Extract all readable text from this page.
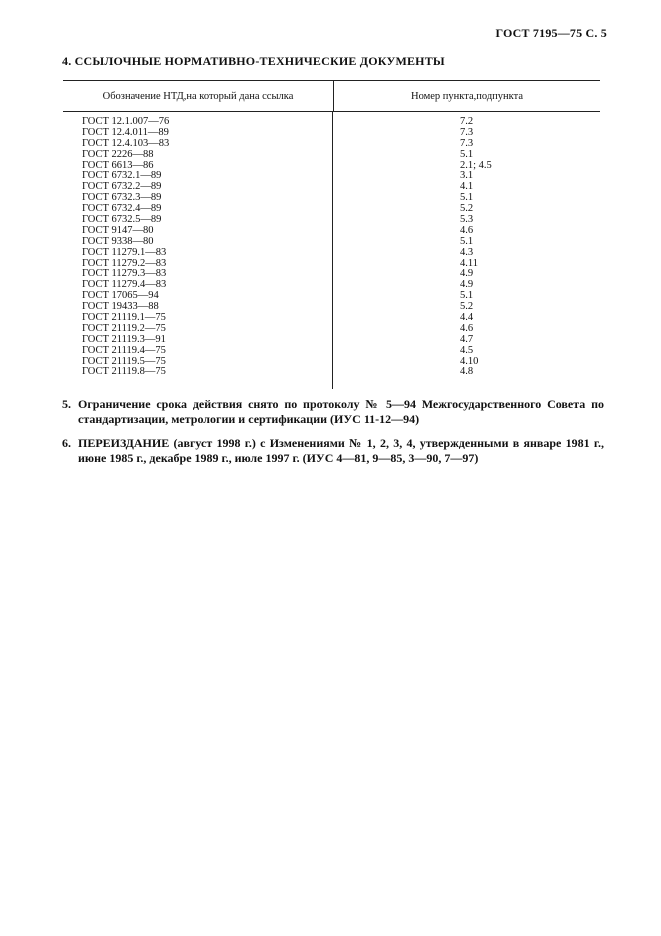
ГОСТ 7195—75 С. 5
4. ССЫЛОЧНЫЕ НОРМАТИВНО-ТЕХНИЧЕСКИЕ ДОКУМЕНТЫ
Обозначение НТД,на который дана ссылка	Номер пункта,подпункта
ГОСТ 12.1.007—76
ГОСТ 12.4.011—89
ГОСТ 12.4.103—83
ГОСТ 2226—88
ГОСТ 6613—86
ГОСТ 6732.1—89
ГОСТ 6732.2—89
ГОСТ 6732.3—89
ГОСТ 6732.4—89
ГОСТ 6732.5—89
ГОСТ 9147—80
ГОСТ 9338—80
ГОСТ 11279.1—83
ГОСТ 11279.2—83
ГОСТ 11279.3—83
ГОСТ 11279.4—83
ГОСТ 17065—94
ГОСТ 19433—88
ГОСТ 21119.1—75
ГОСТ 21119.2—75
ГОСТ 21119.3—91
ГОСТ 21119.4—75
ГОСТ 21119.5—75
ГОСТ 21119.8—75
7.2
7.3
7.3
5.1
2.1; 4.5
3.1
4.1
5.1
5.2
5.3
4.6
5.1
4.3
4.11
4.9
4.9
5.1
5.2
4.4
4.6
4.7
4.5
4.10
4.8
5. Ограничение срока действия снято по протоколу № 5—94 Межгосударственного Совета по стандартизации, метрологии и сертификации (ИУС 11-12—94)
6. ПЕРЕИЗДАНИЕ (август 1998 г.) с Изменениями № 1, 2, 3, 4, утвержденными в январе 1981 г., июне 1985 г., декабре 1989 г., июле 1997 г. (ИУС 4—81, 9—85, 3—90, 7—97)
